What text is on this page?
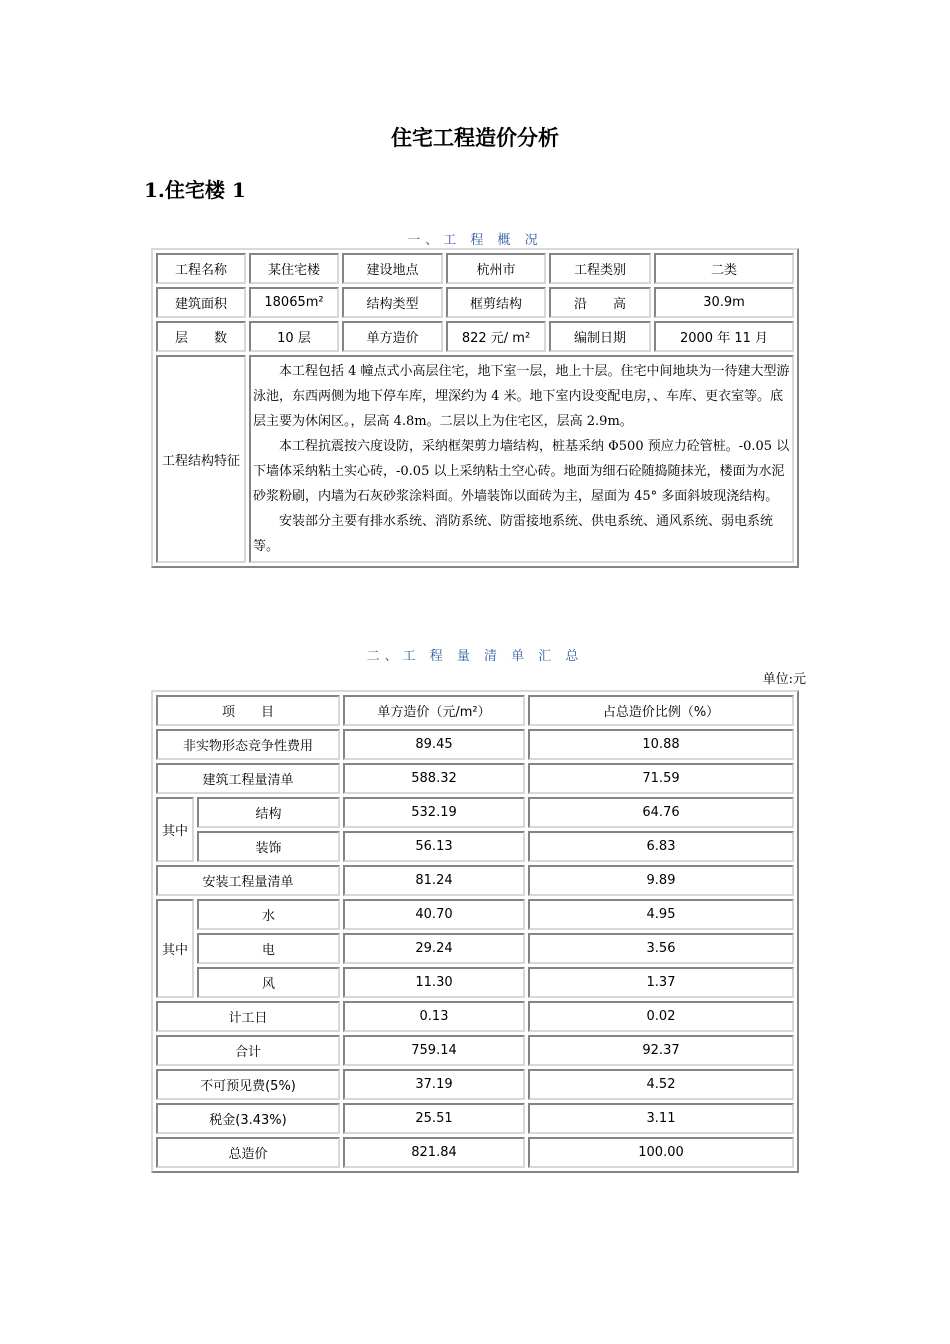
住宅工程造价分析
1.住宅楼 1
一、工 程 概 况
工程名称	某住宅楼	建设地点	杭州市	工程类别	二类
建筑面积	18065m²	结构类型	框剪结构	沿　　高	30.9m
层　　数	10 层	单方造价	822 元/ m²	编制日期	2000 年 11 月
工程结构特征	本工程包括 4 幢点式小高层住宅，地下室一层，地上十层。住宅中间地块为一待建大型游泳池，东西两侧为地下停车库，埋深约为 4 米。地下室内设变配电房，、车库、更衣室等。底层主要为休闲区。，层高 4.8m。二层以上为住宅区，层高 2.9m。

本工程抗震按六度设防，采纳框架剪力墙结构，桩基采纳 Φ500 预应力砼管桩。-0.05 以下墙体采纳粘土实心砖，-0.05 以上采纳粘土空心砖。地面为细石砼随捣随抹光，楼面为水泥砂浆粉刷，内墙为石灰砂浆涂料面。外墙装饰以面砖为主，屋面为 45° 多面斜坡现浇结构。

安装部分主要有排水系统、消防系统、防雷接地系统、供电系统、通风系统、弱电系统等。				

二、工 程 量 清 单 汇 总
单位:元
项　　目		单方造价（元/m²）	占总造价比例（%）
非实物形态竞争性费用		89.45	10.88
建筑工程量清单		588.32	71.59
其中	结构	532.19	64.76
	装饰	56.13	6.83
安装工程量清单		81.24	9.89
其中	水	40.70	4.95
	电	29.24	3.56
	风	11.30	1.37
计工日		0.13	0.02
合计		759.14	92.37
不可预见费(5%)		37.19	4.52
税金(3.43%)		25.51	3.11
总造价		821.84	100.00
